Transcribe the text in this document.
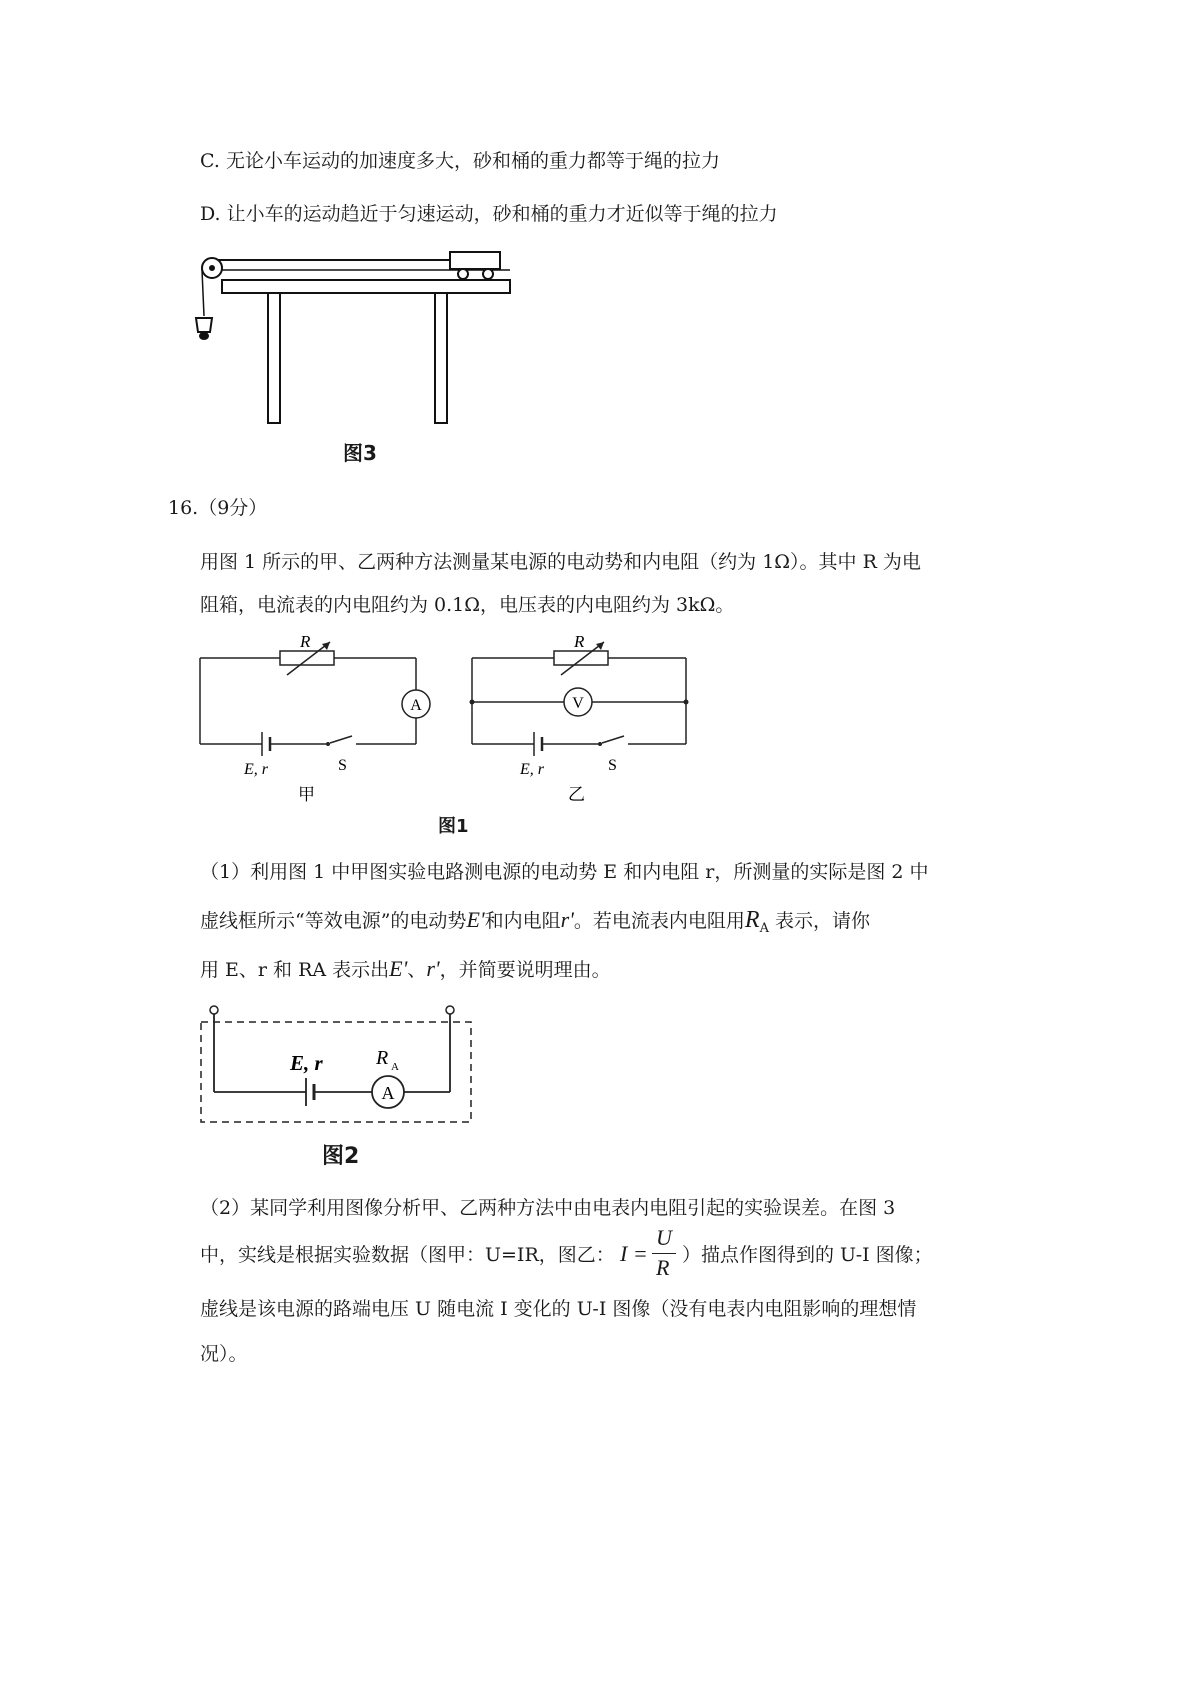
C. 无论小车运动的加速度多大，砂和桶的重力都等于绳的拉力
D. 让小车的运动趋近于匀速运动，砂和桶的重力才近似等于绳的拉力
图3
16.（9分）
用图 1 所示的甲、乙两种方法测量某电源的电动势和内电阻（约为 1Ω）。其中 R 为电
阻箱，电流表的内电阻约为 0.1Ω，电压表的内电阻约为 3kΩ。
R
A
E, r	S
甲
R
V
E, r	S
乙
图1
（1）利用图 1 中甲图实验电路测电源的电动势 E 和内电阻 r，所测量的实际是图 2 中
虚线框所示“等效电源”的电动势E'和内电阻r'。若电流表内电阻用$R_A$ 表示，请你
用 E、r 和 RA 表示出E'、r'，并简要说明理由。
E, r	R A
A
图2
（2）某同学利用图像分析甲、乙两种方法中由电表内电阻引起的实验误差。在图 3
中，实线是根据实验数据（图甲：U=IR，图乙： I =
U
R ）描点作图得到的 U-I 图像；
虚线是该电源的路端电压 U 随电流 I 变化的 U-I 图像（没有电表内电阻影响的理想情
况）。
